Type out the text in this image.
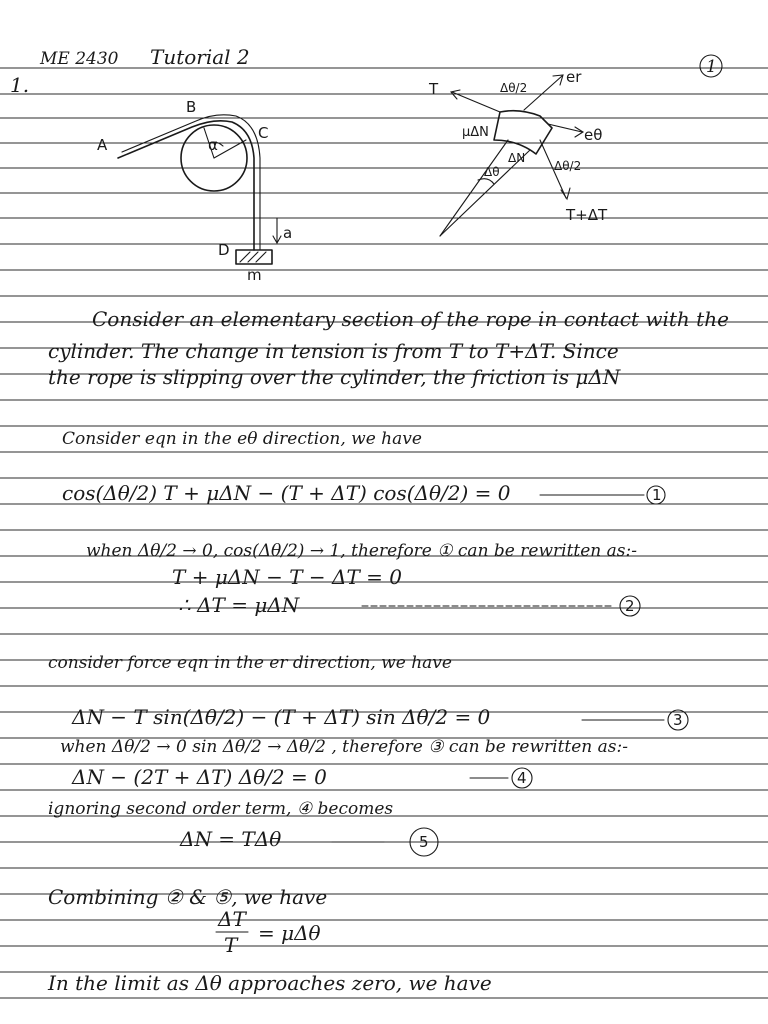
ME 2430 Tutorial 2	1
1.
A
B
C
D
α
a
m
T	Δθ/2
er
eθ
μΔN
ΔN
Δθ	Δθ/2
T+ΔT
Consider an elementary section of the rope in contact with the
cylinder. The change in tension is from T to T+ΔT. Since
the rope is slipping over the cylinder, the friction is μΔN
Consider eqn in the eθ direction, we have
cos(Δθ/2) T + μΔN − (T + ΔT) cos(Δθ/2) = 0	1
when Δθ/2 → 0, cos(Δθ/2) → 1, therefore ① can be rewritten as:-
T + μΔN − T − ΔT = 0
∴ ΔT = μΔN	2
consider force eqn in the er direction, we have
ΔN − T sin(Δθ/2) − (T + ΔT) sin Δθ/2 = 0	3
when Δθ/2 → 0 sin Δθ/2 → Δθ/2 , therefore ③ can be rewritten as:-
ΔN − (2T + ΔT) Δθ/2 = 0	4
ignoring second order term, ④ becomes
ΔN = TΔθ	5
Combining ② & ⑤, we have
ΔT
T = μΔθ
In the limit as Δθ approaches zero, we have
